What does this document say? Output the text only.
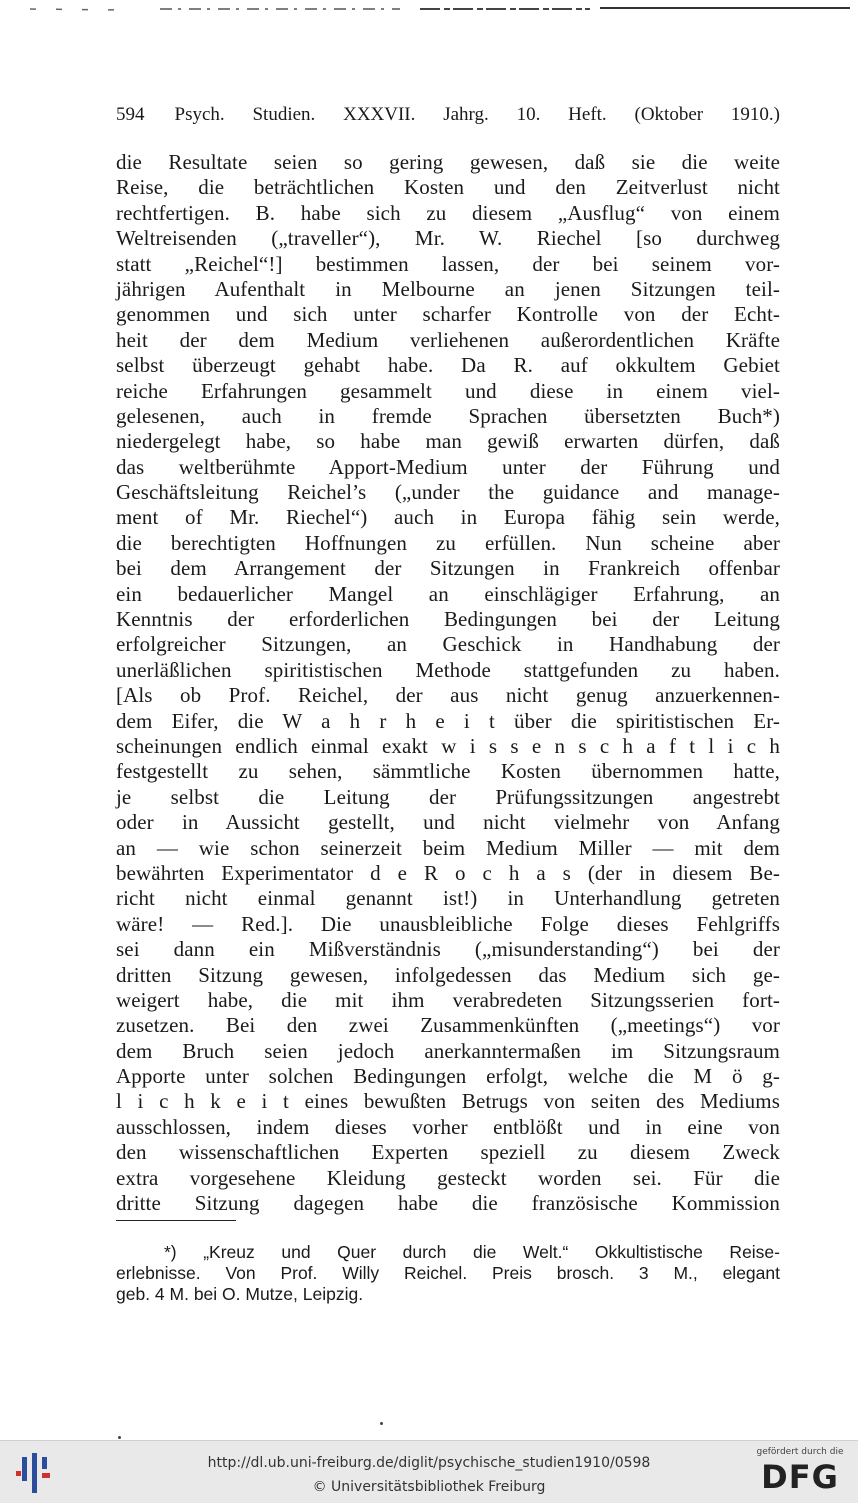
594	Psych. Studien. XXXVII. Jahrg. 10. Heft. (Oktober 1910.)
die Resultate seien so gering gewesen, daß sie die weite
Reise, die beträchtlichen Kosten und den Zeitverlust nicht
rechtfertigen. B. habe sich zu diesem „Ausflug“ von einem
Weltreisenden („traveller“), Mr. W. Riechel [so durchweg
statt „Reichel“!] bestimmen lassen, der bei seinem vor-
jährigen Aufenthalt in Melbourne an jenen Sitzungen teil-
genommen und sich unter scharfer Kontrolle von der Echt-
heit der dem Medium verliehenen außerordentlichen Kräfte
selbst überzeugt gehabt habe. Da R. auf okkultem Gebiet
reiche Erfahrungen gesammelt und diese in einem viel-
gelesenen, auch in fremde Sprachen übersetzten Buch*)
niedergelegt habe, so habe man gewiß erwarten dürfen, daß
das weltberühmte Apport-Medium unter der Führung und
Geschäftsleitung Reichel’s („under the guidance and manage-
ment of Mr. Riechel“) auch in Europa fähig sein werde,
die berechtigten Hoffnungen zu erfüllen. Nun scheine aber
bei dem Arrangement der Sitzungen in Frankreich offenbar
ein bedauerlicher Mangel an einschlägiger Erfahrung, an
Kenntnis der erforderlichen Bedingungen bei der Leitung
erfolgreicher Sitzungen, an Geschick in Handhabung der
unerläßlichen spiritistischen Methode stattgefunden zu haben.
[Als ob Prof. Reichel, der aus nicht genug anzuerkennen-
dem Eifer, die W a h r h e i t über die spiritistischen Er-
scheinungen endlich einmal exakt w i s s e n s c h a f t l i c h
festgestellt zu sehen, sämmtliche Kosten übernommen hatte,
je selbst die Leitung der Prüfungssitzungen angestrebt
oder in Aussicht gestellt, und nicht vielmehr von Anfang
an — wie schon seinerzeit beim Medium Miller — mit dem
bewährten Experimentator d e R o c h a s (der in diesem Be-
richt nicht einmal genannt ist!) in Unterhandlung getreten
wäre! — Red.]. Die unausbleibliche Folge dieses Fehlgriffs
sei dann ein Mißverständnis („misunderstanding“) bei der
dritten Sitzung gewesen, infolgedessen das Medium sich ge-
weigert habe, die mit ihm verabredeten Sitzungsserien fort-
zusetzen. Bei den zwei Zusammenkünften („meetings“) vor
dem Bruch seien jedoch anerkanntermaßen im Sitzungsraum
Apporte unter solchen Bedingungen erfolgt, welche die M ö g-
l i c h k e i t eines bewußten Betrugs von seiten des Mediums
ausschlossen, indem dieses vorher entblößt und in eine von
den wissenschaftlichen Experten speziell zu diesem Zweck
extra vorgesehene Kleidung gesteckt worden sei. Für die
dritte Sitzung dagegen habe die französische Kommission
*) „Kreuz und Quer durch die Welt.“ Okkultistische Reise-
erlebnisse. Von Prof. Willy Reichel. Preis brosch. 3 M., elegant
geb. 4 M. bei O. Mutze, Leipzig.
http://dl.ub.uni-freiburg.de/diglit/psychische_studien1910/0598
© Universitätsbibliothek Freiburg
gefördert durch die
DFG
